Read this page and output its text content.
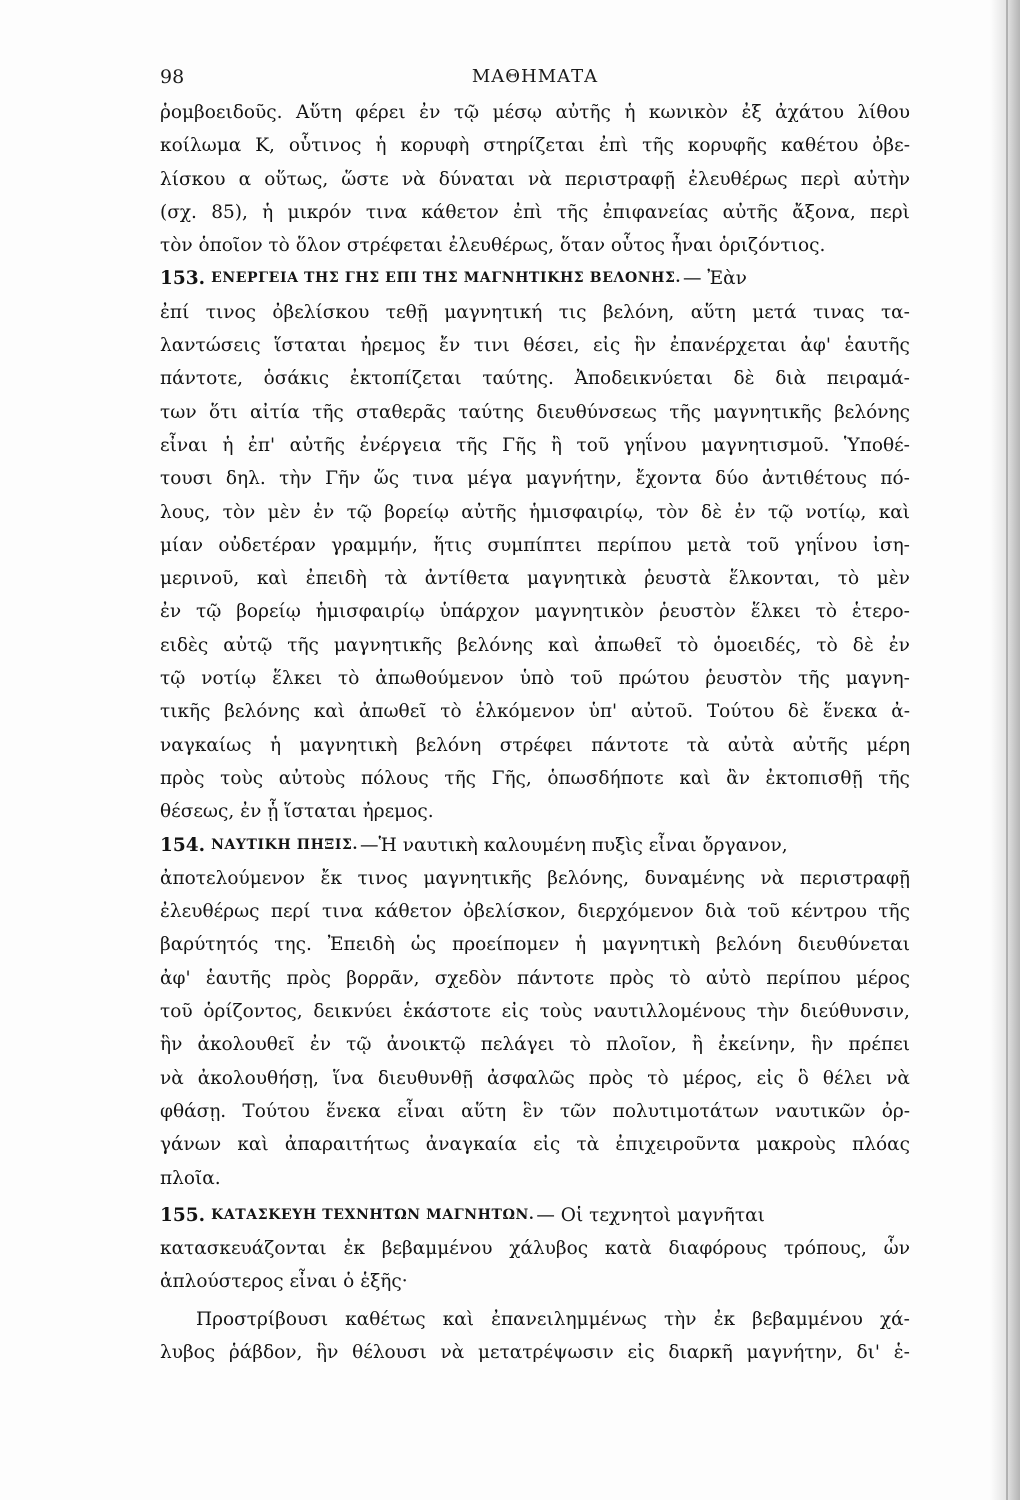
98	ΜΑΘΗΜΑΤΑ
ῥομβοειδοῦς. Αὕτη φέρει ἐν τῷ μέσῳ αὐτῆς ἡ κωνικὸν ἐξ ἀχάτου λίθου
κοίλωμα Κ, οὗτινος ἡ κορυφὴ στηρίζεται ἐπὶ τῆς κορυφῆς καθέτου ὀβε-
λίσκου α οὕτως, ὥστε νὰ δύναται νὰ περιστραφῇ ἐλευθέρως περὶ αὐτὴν
(σχ. 85), ἡ μικρόν τινα κάθετον ἐπὶ τῆς ἐπιφανείας αὐτῆς ἄξονα, περὶ
τὸν ὁποῖον τὸ ὅλον στρέφεται ἐλευθέρως, ὅταν οὗτος ἦναι ὁριζόντιος.
153. ΕΝΕΡΓΕΙΑ ΤΗΣ ΓΗΣ ΕΠΙ ΤΗΣ ΜΑΓΝΗΤΙΚΗΣ ΒΕΛΟΝΗΣ. — Ἐὰν
ἐπί τινος ὀβελίσκου τεθῇ μαγνητική τις βελόνη, αὕτη μετά τινας τα-
λαντώσεις ἵσταται ἠρεμος ἔν τινι θέσει, εἰς ἣν ἐπανέρχεται ἀφ' ἑαυτῆς
πάντοτε, ὁσάκις ἐκτοπίζεται ταύτης. Ἀποδεικνύεται δὲ διὰ πειραμά-
των ὅτι αἰτία τῆς σταθερᾶς ταύτης διευθύνσεως τῆς μαγνητικῆς βελόνης
εἶναι ἡ ἐπ' αὐτῆς ἐνέργεια τῆς Γῆς ἢ τοῦ γηΐνου μαγνητισμοῦ. Ὑποθέ-
τουσι δηλ. τὴν Γῆν ὥς τινα μέγα μαγνήτην, ἔχοντα δύο ἀντιθέτους πό-
λους, τὸν μὲν ἐν τῷ βορείῳ αὐτῆς ἡμισφαιρίῳ, τὸν δὲ ἐν τῷ νοτίῳ, καὶ
μίαν οὐδετέραν γραμμήν, ἥτις συμπίπτει περίπου μετὰ τοῦ γηΐνου ἰση-
μερινοῦ, καὶ ἐπειδὴ τὰ ἀντίθετα μαγνητικὰ ῥευστὰ ἕλκονται, τὸ μὲν
ἐν τῷ βορείῳ ἡμισφαιρίῳ ὑπάρχον μαγνητικὸν ῥευστὸν ἕλκει τὸ ἑτερο-
ειδὲς αὐτῷ τῆς μαγνητικῆς βελόνης καὶ ἀπωθεῖ τὸ ὁμοειδές, τὸ δὲ ἐν
τῷ νοτίῳ ἕλκει τὸ ἀπωθούμενον ὑπὸ τοῦ πρώτου ῥευστὸν τῆς μαγνη-
τικῆς βελόνης καὶ ἀπωθεῖ τὸ ἑλκόμενον ὑπ' αὐτοῦ. Τούτου δὲ ἕνεκα ἀ-
ναγκαίως ἡ μαγνητικὴ βελόνη στρέφει πάντοτε τὰ αὐτὰ αὐτῆς μέρη
πρὸς τοὺς αὐτοὺς πόλους τῆς Γῆς, ὁπωσδήποτε καὶ ἂν ἐκτοπισθῇ τῆς
θέσεως, ἐν ᾗ ἵσταται ἠρεμος.
154. ΝΑΥΤΙΚΗ ΠΗΞΙΣ. —Ἡ ναυτικὴ καλουμένη πυξὶς εἶναι ὄργανον,
ἀποτελούμενον ἔκ τινος μαγνητικῆς βελόνης, δυναμένης νὰ περιστραφῇ
ἐλευθέρως περί τινα κάθετον ὀβελίσκον, διερχόμενον διὰ τοῦ κέντρου τῆς
βαρύτητός της. Ἐπειδὴ ὡς προείπομεν ἡ μαγνητικὴ βελόνη διευθύνεται
ἀφ' ἑαυτῆς πρὸς βορρᾶν, σχεδὸν πάντοτε πρὸς τὸ αὐτὸ περίπου μέρος
τοῦ ὁρίζοντος, δεικνύει ἑκάστοτε εἰς τοὺς ναυτιλλομένους τὴν διεύθυνσιν,
ἣν ἀκολουθεῖ ἐν τῷ ἀνοικτῷ πελάγει τὸ πλοῖον, ἢ ἐκείνην, ἣν πρέπει
νὰ ἀκολουθήσῃ, ἵνα διευθυνθῇ ἀσφαλῶς πρὸς τὸ μέρος, εἰς ὃ θέλει νὰ
φθάσῃ. Τούτου ἕνεκα εἶναι αὕτη ἓν τῶν πολυτιμοτάτων ναυτικῶν ὀρ-
γάνων καὶ ἀπαραιτήτως ἀναγκαία εἰς τὰ ἐπιχειροῦντα μακροὺς πλόας
πλοῖα.
155. ΚΑΤΑΣΚΕΥΗ ΤΕΧΝΗΤΩΝ ΜΑΓΝΗΤΩΝ. — Οἱ τεχνητοὶ μαγνῆται
κατασκευάζονται ἐκ βεβαμμένου χάλυβος κατὰ διαφόρους τρόπους, ὧν
ἁπλούστερος εἶναι ὁ ἑξῆς·
Προστρίβουσι καθέτως καὶ ἐπανειλημμένως τὴν ἐκ βεβαμμένου χά-
λυβος ῥάβδον, ἣν θέλουσι νὰ μετατρέψωσιν εἰς διαρκῆ μαγνήτην, δι' ἑ-
